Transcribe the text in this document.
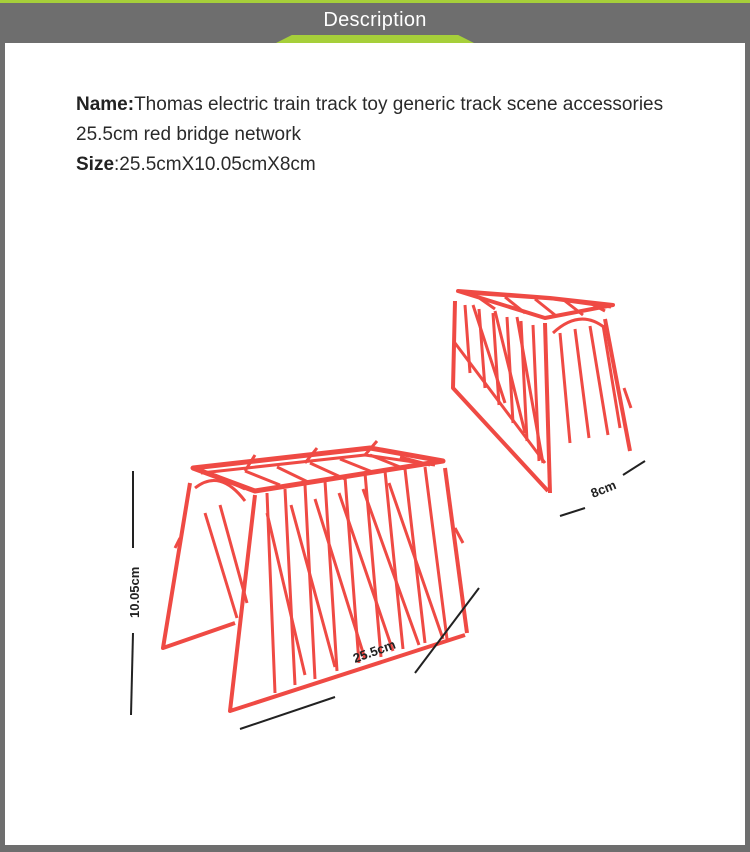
Description
Name:Thomas electric train track toy generic track scene accessories 25.5cm red bridge network
Size:25.5cmX10.05cmX8cm
10.05cm
25.5cm
8cm
